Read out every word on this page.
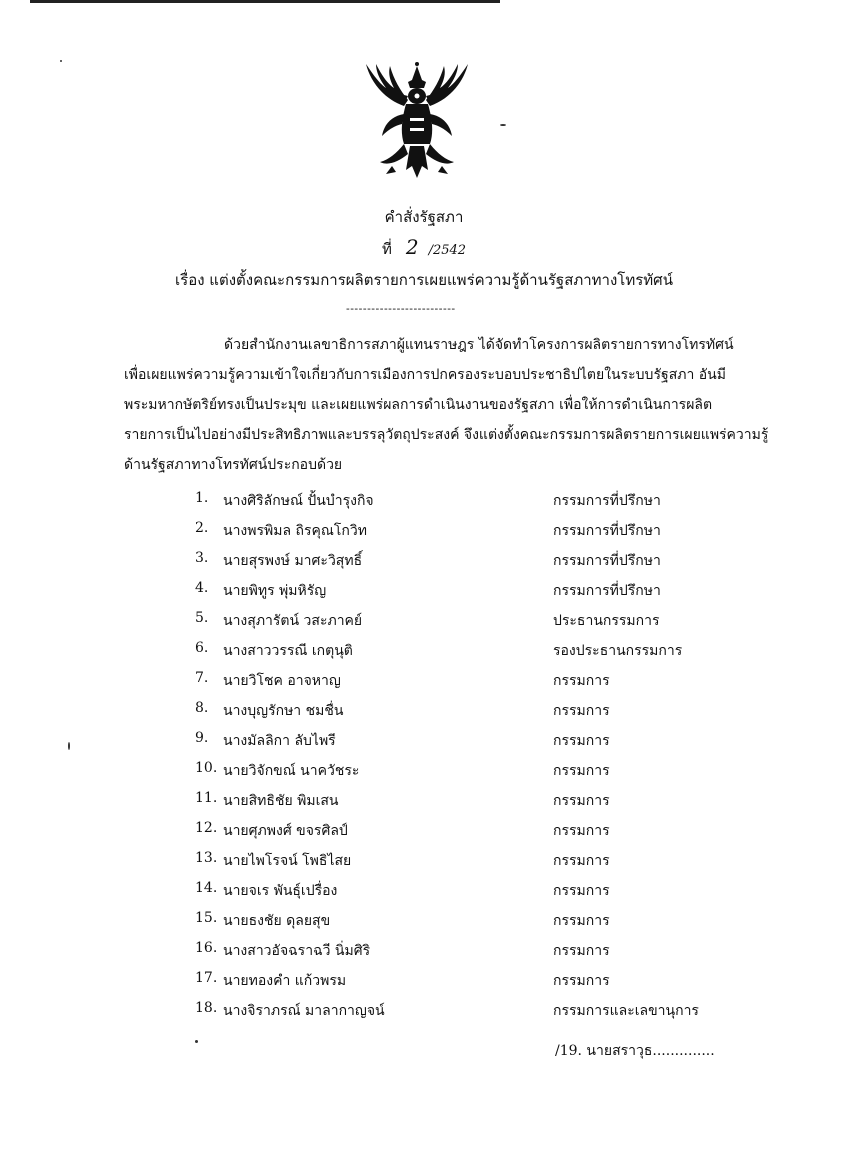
คำสั่งรัฐสภา
ที่ 2 /2542
เรื่อง แต่งตั้งคณะกรรมการผลิตรายการเผยแพร่ความรู้ด้านรัฐสภาทางโทรทัศน์
--------------------------
ด้วยสำนักงานเลขาธิการสภาผู้แทนราษฎร ได้จัดทำโครงการผลิตรายการทางโทรทัศน์
เพื่อเผยแพร่ความรู้ความเข้าใจเกี่ยวกับการเมืองการปกครองระบอบประชาธิปไตยในระบบรัฐสภา อันมี
พระมหากษัตริย์ทรงเป็นประมุข และเผยแพร่ผลการดำเนินงานของรัฐสภา เพื่อให้การดำเนินการผลิต
รายการเป็นไปอย่างมีประสิทธิภาพและบรรลุวัตถุประสงค์ จึงแต่งตั้งคณะกรรมการผลิตรายการเผยแพร่ความรู้
ด้านรัฐสภาทางโทรทัศน์ประกอบด้วย
1.	นางศิริลักษณ์ ปั้นบำรุงกิจ	กรรมการที่ปรึกษา
2.	นางพรพิมล ถิรคุณโกวิท	กรรมการที่ปรึกษา
3.	นายสุรพงษ์ มาศะวิสุทธิ์	กรรมการที่ปรึกษา
4.	นายพิทูร พุ่มหิรัญ	กรรมการที่ปรึกษา
5.	นางสุภารัตน์ วสะภาคย์	ประธานกรรมการ
6.	นางสาววรรณี เกตุนุติ	รองประธานกรรมการ
7.	นายวิโชค อาจหาญ	กรรมการ
8.	นางบุญรักษา ชมชื่น	กรรมการ
9.	นางมัลลิกา ลับไพรี	กรรมการ
10. นายวิจักขณ์ นาควัชระ	กรรมการ
11. นายสิทธิชัย พิมเสน	กรรมการ
12. นายศุภพงศ์ ขจรศิลป์	กรรมการ
13. นายไพโรจน์ โพธิไสย	กรรมการ
14. นายจเร พันธุ์เปรื่อง	กรรมการ
15. นายธงชัย ดุลยสุข	กรรมการ
16. นางสาวอัจฉราฉวี นิ่มศิริ	กรรมการ
17. นายทองคำ แก้วพรม	กรรมการ
18. นางจิราภรณ์ มาลากาญจน์	กรรมการและเลขานุการ
/19. นายสราวุธ..............
